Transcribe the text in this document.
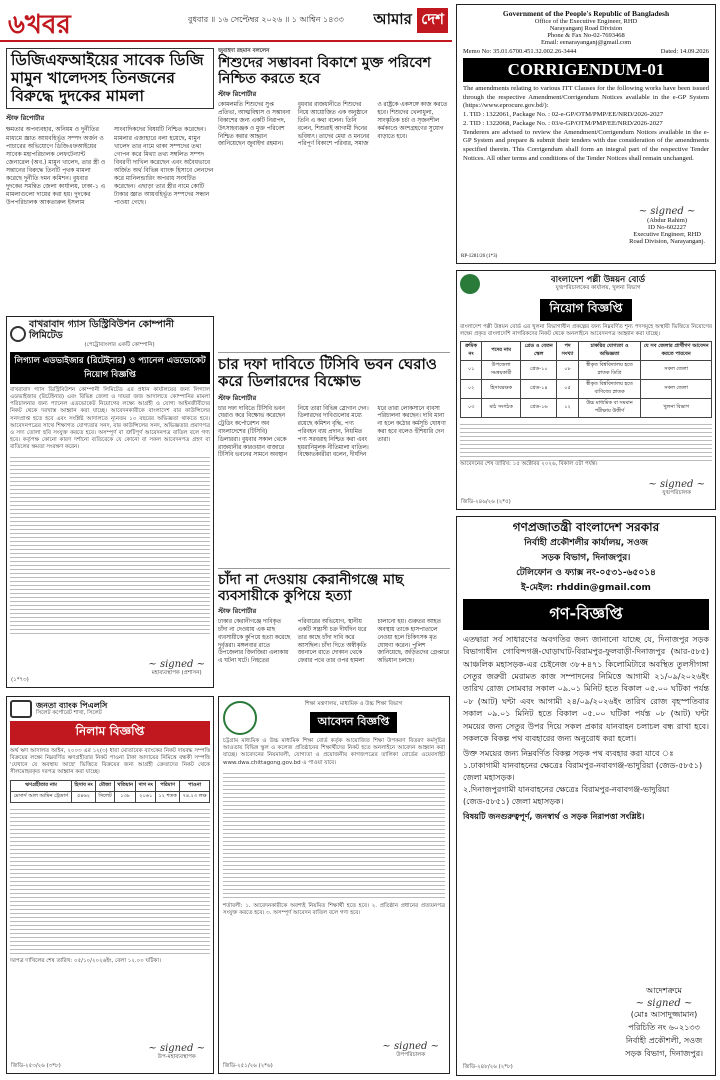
৬খবর	বুধবার ॥ ১৬ সেপ্টেম্বর ২০২৬ ॥ ১ আশ্বিন ১৪৩৩ আমার দেশ
ডিজিএফআইয়ের সাবেক ডিজি মামুন খালেদসহ তিনজনের বিরুদ্ধে দুদকের মামলা
স্টাফ রিপোর্টার
ক্ষমতার অপব্যবহার, অনিয়ম ও দুর্নীতির মাধ্যমে জ্ঞাত আয়বহির্ভূত সম্পদ অর্জন ও পাচারের অভিযোগে ডিজিএফআইয়ের সাবেক মহাপরিচালক লেফটেন্যান্ট জেনারেল (অব.) মামুন খালেদ, তার স্ত্রী ও সন্তানের বিরুদ্ধে তিনটি পৃথক মামলা করেছে দুর্নীতি দমন কমিশন। বুধবার দুদকের সমন্বিত জেলা কার্যালয়, ঢাকা-১ এ মামলাগুলো দায়ের করা হয়। দুদকের উপপরিচালক আকতারুল ইসলাম সাংবাদিকদের বিষয়টি নিশ্চিত করেছেন। মামলার এজাহারে বলা হয়েছে, মামুন খালেদ তার নামে থাকা সম্পদের তথ্য গোপন করে মিথ্যা তথ্য সম্বলিত সম্পদ বিবরণী দাখিল করেছেন এবং অবৈধভাবে অর্জিত অর্থ বিভিন্ন ব্যাংক হিসাবে লেনদেন করে মানিলন্ডারিং অপরাধ সংঘটিত করেছেন। এছাড়া তার স্ত্রীর নামে কোটি টাকার জ্ঞাত আয়বহির্ভূত সম্পদের সন্ধান পাওয়া গেছে।
জুবাইদা রহমান বললেন
শিশুদের সম্ভাবনা বিকাশে মুক্ত পরিবেশ নিশ্চিত করতে হবে
স্টাফ রিপোর্টার
কোমলমতি শিশুদের সুপ্ত প্রতিভা, আত্মবিশ্বাস ও সম্ভাবনা বিকাশের জন্য একটি নিরাপদ, উৎসাহব্যঞ্জক ও মুক্ত পরিবেশ নিশ্চিত করার আহ্বান জানিয়েছেন জুবাইদা রহমান। বুধবার রাজধানীতে শিশুদের নিয়ে আয়োজিত এক অনুষ্ঠানে তিনি এ কথা বলেন। তিনি বলেন, শিশুরাই আগামী দিনের ভবিষ্যৎ। তাদের মেধা ও মননের পরিপূর্ণ বিকাশে পরিবার, সমাজ ও রাষ্ট্রকে একসঙ্গে কাজ করতে হবে। শিশুদের খেলাধুলা, সাংস্কৃতিক চর্চা ও সৃজনশীল কর্মকাণ্ডে অংশগ্রহণের সুযোগ বাড়াতে হবে।
Government of the People's Republic of Bangladesh
Office of the Executive Engineer, RHD
Narayanganj Road Division
Phone & Fax No-02-7693468
Email: eenarayanganj@gmail.com
Memo No: 35.01.6700.451.32.002.26-3444	Dated: 14.09.2026
CORRIGENDUM-01
The amendments relating to various ITT Clauses for the following works have been issued through the respective Amendment/Corrigendum Notices available in the e-GP System (https://www.eprocure.gov.bd/):
1. TID : 1322061, Package No. : 02-e-GP/OTM/PMP/EE/NRD/2026-2027
2. TID : 1322068, Package No. : 03/e-GP/OTM/PMP/EE/NRD/2026-2027
Tenderers are advised to review the Amendment/Corrigendum Notices available in the e-GP System and prepare & submit their tenders with due consideration of the amendments specified therein. This Corrigendum shall form an integral part of the respective Tender Notices. All other terms and conditions of the Tender Notices shall remain unchanged.
~ signed ~
(Abdur Rahim)
ID No-602227
Executive Engineer, RHD
Road Division, Narayanganj.
RP-1281/26 (1*3)
চার দফা দাবিতে টিসিবি ভবন ঘেরাও করে ডিলারদের বিক্ষোভ
স্টাফ রিপোর্টার
চার দফা দাবিতে টিসিবি ভবন ঘেরাও করে বিক্ষোভ করেছেন ট্রেডিং কর্পোরেশন অব বাংলাদেশের (টিসিবি) ডিলাররা। বুধবার সকাল থেকে রাজধানীর কারওয়ান বাজারে টিসিবি ভবনের সামনে অবস্থান নিয়ে তারা বিভিন্ন স্লোগান দেন। ডিলারদের দাবিগুলোর মধ্যে রয়েছে কমিশন বৃদ্ধি, পণ্য পরিবহন ব্যয় প্রদান, নিয়মিত পণ্য সরবরাহ নিশ্চিত করা এবং হয়রানিমূলক নীতিমালা বাতিল। বিক্ষোভকারীরা বলেন, দীর্ঘদিন ধরে তারা লোকসানে ব্যবসা পরিচালনা করছেন। দাবি মানা না হলে কঠোর কর্মসূচি ঘোষণা করা হবে বলেও হুঁশিয়ারি দেন তারা।
চাঁদা না দেওয়ায় কেরানীগঞ্জে মাছ ব্যবসায়ীকে কুপিয়ে হত্যা
স্টাফ রিপোর্টার
ঢাকার কেরানীগঞ্জে দাবিকৃত চাঁদা না দেওয়ায় এক মাছ ব্যবসায়ীকে কুপিয়ে হত্যা করেছে দুর্বৃত্তরা। মঙ্গলবার রাতে উপজেলার জিনজিরা এলাকায় এ ঘটনা ঘটে। নিহতের পরিবারের অভিযোগ, স্থানীয় একটি সন্ত্রাসী চক্র দীর্ঘদিন ধরে তার কাছে চাঁদা দাবি করে আসছিল। চাঁদা দিতে অস্বীকৃতি জানালে রাতে দোকান থেকে ফেরার পথে তার ওপর হামলা চালানো হয়। গুরুতর আহত অবস্থায় তাকে হাসপাতালে নেওয়া হলে চিকিৎসক মৃত ঘোষণা করেন। পুলিশ জানিয়েছে, জড়িতদের গ্রেপ্তারে অভিযান চলছে।
বাখরাবাদ গ্যাস ডিস্ট্রিবিউশন কোম্পানী লিমিটেড
(পেট্রোবাংলার একটি কোম্পানি)
লিগ্যাল এডভাইজার (রিটেইনার) ও প্যানেল এডভোকেট নিয়োগ বিজ্ঞপ্তি
বাখরাবাদ গ্যাস ডিস্ট্রিবিউশন কোম্পানী লিমিটেড এর প্রধান কার্যালয়ের জন্য লিগ্যাল এডভাইজার (রিটেইনার) এবং বিভিন্ন জেলা ও দায়রা জজ আদালতে কোম্পানির মামলা পরিচালনার জন্য প্যানেল এডভোকেট নিয়োগের লক্ষ্যে আগ্রহী ও যোগ্য আইনজীবীদের নিকট থেকে দরখাস্ত আহ্বান করা যাচ্ছে। আবেদনকারীকে বাংলাদেশ বার কাউন্সিলের সনদপ্রাপ্ত হতে হবে এবং সংশ্লিষ্ট আদালতে ন্যূনতম ১০ বছরের অভিজ্ঞতা থাকতে হবে। আবেদনপত্রের সাথে শিক্ষাগত যোগ্যতার সনদ, বার কাউন্সিলের সনদ, অভিজ্ঞতার প্রমাণপত্র ও সদ্য তোলা ছবি সংযুক্ত করতে হবে। অসম্পূর্ণ বা ত্রুটিপূর্ণ আবেদনপত্র বাতিল বলে গণ্য হবে। কর্তৃপক্ষ কোনো কারণ দর্শানো ব্যতিরেকে যে কোনো বা সকল আবেদনপত্র গ্রহণ বা বাতিলের ক্ষমতা সংরক্ষণ করেন।
~ signed ~
মহাব্যবস্থাপক (প্রশাসন)
(১*৭৩)
জনতা ব্যাংক পিএলসি
সিলেট কর্পোরেট শাখা, সিলেট
নিলাম বিজ্ঞপ্তি
অর্থ ঋণ আদালত আইন, ২০০৩ এর ১২(৩) ধারা মোতাবেক ব্যাংকের নিকট দায়বদ্ধ সম্পত্তি বিক্রয়ের লক্ষ্যে নিম্নবর্ণিত ঋণগ্রহীতার নিকট পাওনা টাকা আদায়ের নিমিত্তে বন্ধকী সম্পত্তি 'যেখানে যে অবস্থায় আছে' ভিত্তিতে বিক্রয়ের জন্য আগ্রহী ক্রেতাদের নিকট থেকে সীলমোহরকৃত দরপত্র আহ্বান করা যাচ্ছে।
ঋণগ্রহীতার নাম	হিসাব নং	মৌজা	খতিয়ান	দাগ নং	পরিমাণ	পাওনা
মেসার্স আল আমিন ট্রেডার্স	৫৪৬২	সিলেট	১৩৮	২০৬১	১২ শতক	৭৪.২৩ লক্ষ
দরপত্র দাখিলের শেষ তারিখ: ০৫/১০/২০২৬ইং, বেলা ১২.০০ ঘটিকা।
~ signed ~
উপ-মহাব্যবস্থাপক
জিডি-২৫৩/২৬ (৩*৮)
বাংলাদেশ পল্লী উন্নয়ন বোর্ড
যুগ্মপরিচালকের কার্যালয়, খুলনা বিভাগ
নিয়োগ বিজ্ঞপ্তি
বাংলাদেশ পল্লী উন্নয়ন বোর্ড এর খুলনা বিভাগাধীন প্রকল্পের জন্য নিম্নবর্ণিত শূন্য পদসমূহে অস্থায়ী ভিত্তিতে নিয়োগের লক্ষ্যে প্রকৃত বাংলাদেশি নাগরিকদের নিকট থেকে অনলাইনে আবেদনপত্র আহ্বান করা যাচ্ছে।
ক্রমিক নং	পদের নাম	গ্রেড ও বেতন স্কেল	পদ সংখ্যা	চাকরির যোগ্যতা ও অভিজ্ঞতা	যে সব জেলার প্রার্থীগণ আবেদন করতে পারবেন
০১	উপজেলা সমন্বয়কারী	গ্রেড-১০	০৮	স্বীকৃত বিশ্ববিদ্যালয় হতে স্নাতক ডিগ্রি	সকল জেলা
০২	হিসাবরক্ষক	গ্রেড-১৪	০৫	স্বীকৃত বিশ্ববিদ্যালয় হতে বাণিজ্যে স্নাতক	সকল জেলা
০৩	মাঠ সংগঠক	গ্রেড-১৬	১২	উচ্চ মাধ্যমিক বা সমমান পরীক্ষায় উত্তীর্ণ	খুলনা বিভাগ
আবেদনের শেষ তারিখ: ১৫ অক্টোবর ২০২৬, বিকাল ৫টা পর্যন্ত।
~ signed ~
যুগ্মপরিচালক
জিডি-২৪৬/২৬ (২*৫)
গণপ্রজাতন্ত্রী বাংলাদেশ সরকার
নির্বাহী প্রকৌশলীর কার্যালয়, সওজ
সড়ক বিভাগ, দিনাজপুর।
টেলিফোন ও ফ্যাক্স নং-০৫৩১-৬৫০১৪
ই-মেইল: rhddin@gmail.com
গণ-বিজ্ঞপ্তি
এতদ্বারা সর্ব সাধারণের অবগতির জন্য জানানো যাচ্ছে যে, দিনাজপুর সড়ক বিভাগাধীন গোবিন্দগঞ্জ-ঘোড়াঘাট-বিরামপুর-ফুলবাড়ী-দিনাজপুর (আর-৫৮৫) আঞ্চলিক মহাসড়ক-এর চেইনেজ ৩৮+৪৭১ কিলোমিটারে অবস্থিত তুলসীগঙ্গা সেতুর জরুরী মেরামত কাজ সম্পাদনের নিমিত্তে আগামী ২১/০৯/২০২৬ইং তারিখ রোজ সোমবার সকাল ০৯.০১ মিনিট হতে বিকাল ০৫.০০ ঘটিকা পর্যন্ত ০৮ (আট) ঘন্টা এবং আগামী ২৪/০৯/২০২৬ইং তারিখ রোজ বৃহস্পতিবার সকাল ০৯.০১ মিনিট হতে বিকাল ০৫.০০ ঘটিকা পর্যন্ত ০৮ (আট) ঘন্টা সময়ের জন্য সেতুর উপর দিয়ে সকল প্রকার যানবাহন চলাচল বন্ধ রাখা হবে। সকলকে বিকল্প পথ ব্যবহারের জন্য অনুরোধ করা হলো।
উক্ত সময়ের জন্য নিম্নবর্ণিত বিকল্প সড়ক পথ ব্যবহার করা যাবে ঃ
১.ঢাকাগামী যানবাহনের ক্ষেত্রেঃ বিরামপুর-নবাবগঞ্জ-ভাদুরিয়া (জেড-৫৮৫১) জেলা মহাসড়ক।
২.দিনাজপুরগামী যানবাহনের ক্ষেত্রেঃ বিরামপুর-নবাবগঞ্জ-ভাদুরিয়া (জেড-৫৮৫১) জেলা মহাসড়ক।
বিষয়টি জনগুরুত্বপূর্ণ, জনস্বার্থ ও সড়ক নিরাপত্তা সংশ্লিষ্ট।
আদেশক্রমে
~ signed ~
(মোঃ আসাদুজ্জামান)
পরিচিতি নং ৬০২১৩৩
নির্বাহী প্রকৌশলী, সওজ
সড়ক বিভাগ, দিনাজপুর।
জিডি-২৪৮/২৬ (২*৮)
শিক্ষা মন্ত্রণালয়, মাধ্যমিক ও উচ্চ শিক্ষা বিভাগ
আবেদন বিজ্ঞপ্তি
চট্টগ্রাম মাধ্যমিক ও উচ্চ মাধ্যমিক শিক্ষা বোর্ড কর্তৃক আয়োজিত শিক্ষা উপকরণ বিতরণ কর্মসূচির আওতায় বিভিন্ন স্কুল ও কলেজ প্রতিষ্ঠানের শিক্ষার্থীদের নিকট হতে অনলাইনে আবেদন আহ্বান করা যাচ্ছে। আবেদনের নিয়মাবলী, যোগ্যতা ও প্রয়োজনীয় কাগজপত্রের তালিকা বোর্ডের ওয়েবসাইট www.dwa.chittagong.gov.bd এ পাওয়া যাবে।
শর্তাবলী: ১. আবেদনকারীকে অবশ্যই নিয়মিত শিক্ষার্থী হতে হবে। ২. প্রতিষ্ঠান প্রধানের প্রত্যয়নপত্র সংযুক্ত করতে হবে। ৩. অসম্পূর্ণ আবেদন বাতিল বলে গণ্য হবে।
~ signed ~
উপপরিচালক
জিডি-২৫১/২৬ (২*৬)
